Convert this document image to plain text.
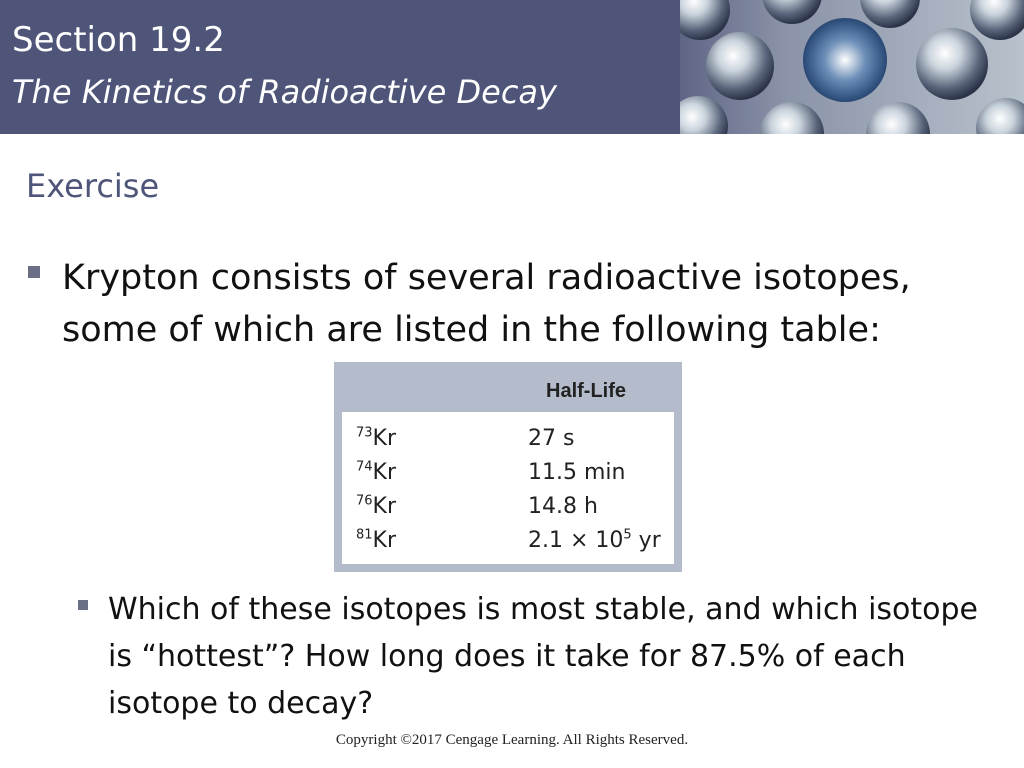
Section 19.2
The Kinetics of Radioactive Decay
Exercise
Krypton consists of several radioactive isotopes, some of which are listed in the following table:
Half-Life
$^{73}$Kr	27 s
$^{74}$Kr	11.5 min
$^{76}$Kr	14.8 h
$^{81}$Kr	$2.1 \times 10^5$ yr
Which of these isotopes is most stable, and which isotope is “hottest”? How long does it take for 87.5% of each isotope to decay?
Copyright ©2017 Cengage Learning. All Rights Reserved.
